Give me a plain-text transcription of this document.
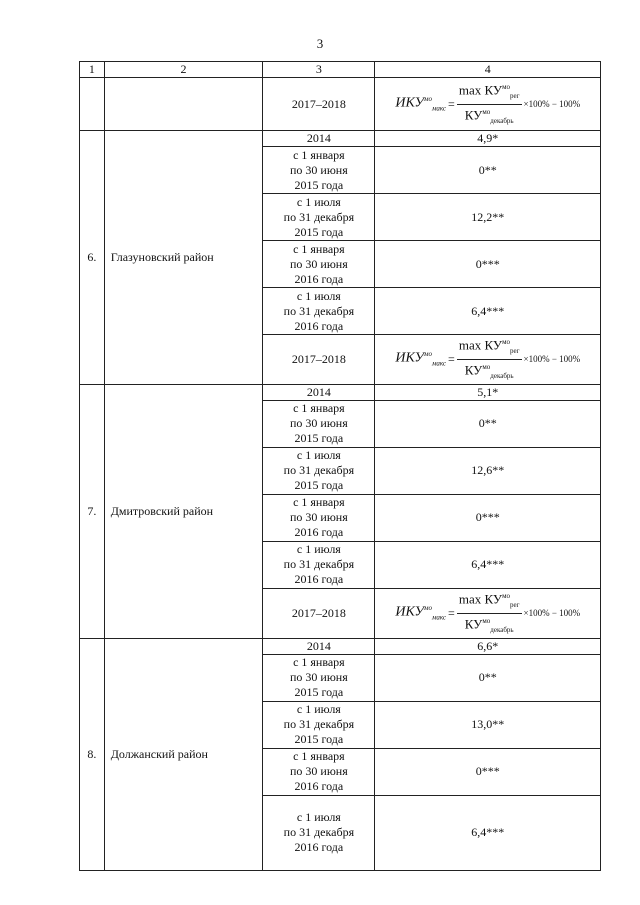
3
1	2	3	4
		2017–2018	$ИКУ^{мо}_{макс} = \frac{\max КУ^{мо}_{рег}}{КУ^{мо}_{декабрь}} \times 100\% - 100\%$

6.	Глазуновский район	2014	4,9*
		с 1 января
по 30 июня
2015 года	0**
		с 1 июля
по 31 декабря
2015 года	12,2**
		с 1 января
по 30 июня
2016 года	0***
		с 1 июля
по 31 декабря
2016 года	6,4***
		2017–2018	$ИКУ^{мо}_{макс} = \frac{\max КУ^{мо}_{рег}}{КУ^{мо}_{декабрь}} \times 100\% - 100\%$

7.	Дмитровский район	2014	5,1*
		с 1 января
по 30 июня
2015 года	0**
		с 1 июля
по 31 декабря
2015 года	12,6**
		с 1 января
по 30 июня
2016 года	0***
		с 1 июля
по 31 декабря
2016 года	6,4***
		2017–2018	$ИКУ^{мо}_{макс} = \frac{\max КУ^{мо}_{рег}}{КУ^{мо}_{декабрь}} \times 100\% - 100\%$

8.	Должанский район	2014	6,6*
		с 1 января
по 30 июня
2015 года	0**
		с 1 июля
по 31 декабря
2015 года	13,0**
		с 1 января
по 30 июня
2016 года	0***
		с 1 июля
по 31 декабря
2016 года	6,4***
